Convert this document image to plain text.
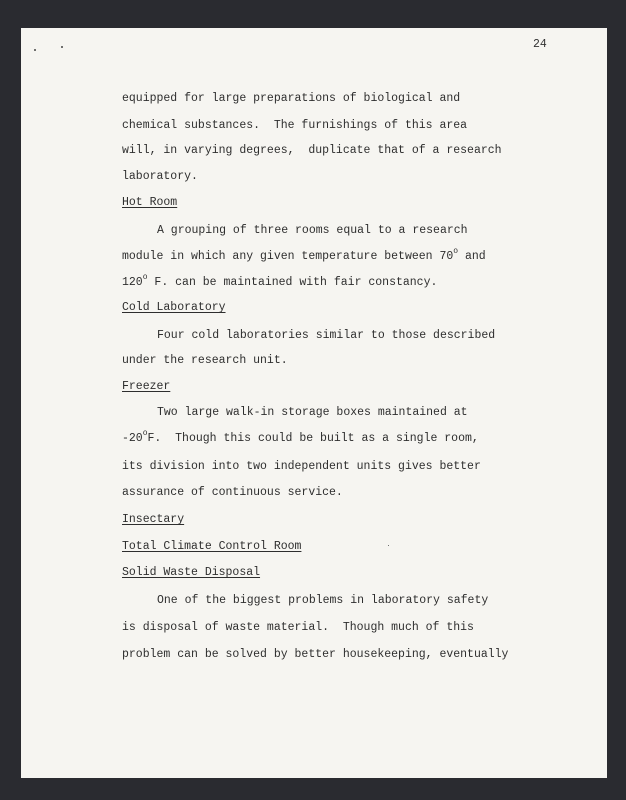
24
equipped for large preparations of biological and
chemical substances.  The furnishings of this area
will, in varying degrees,  duplicate that of a research
laboratory.
Hot Room
A grouping of three rooms equal to a research
module in which any given temperature between 70$^o$ and
120$^o$ F. can be maintained with fair constancy.
Cold Laboratory
Four cold laboratories similar to those described
under the research unit.
Freezer
Two large walk-in storage boxes maintained at
-20$^o$F.  Though this could be built as a single room,
its division into two independent units gives better
assurance of continuous service.
Insectary
Total Climate Control Room
Solid Waste Disposal
One of the biggest problems in laboratory safety
is disposal of waste material.  Though much of this
problem can be solved by better housekeeping, eventually
